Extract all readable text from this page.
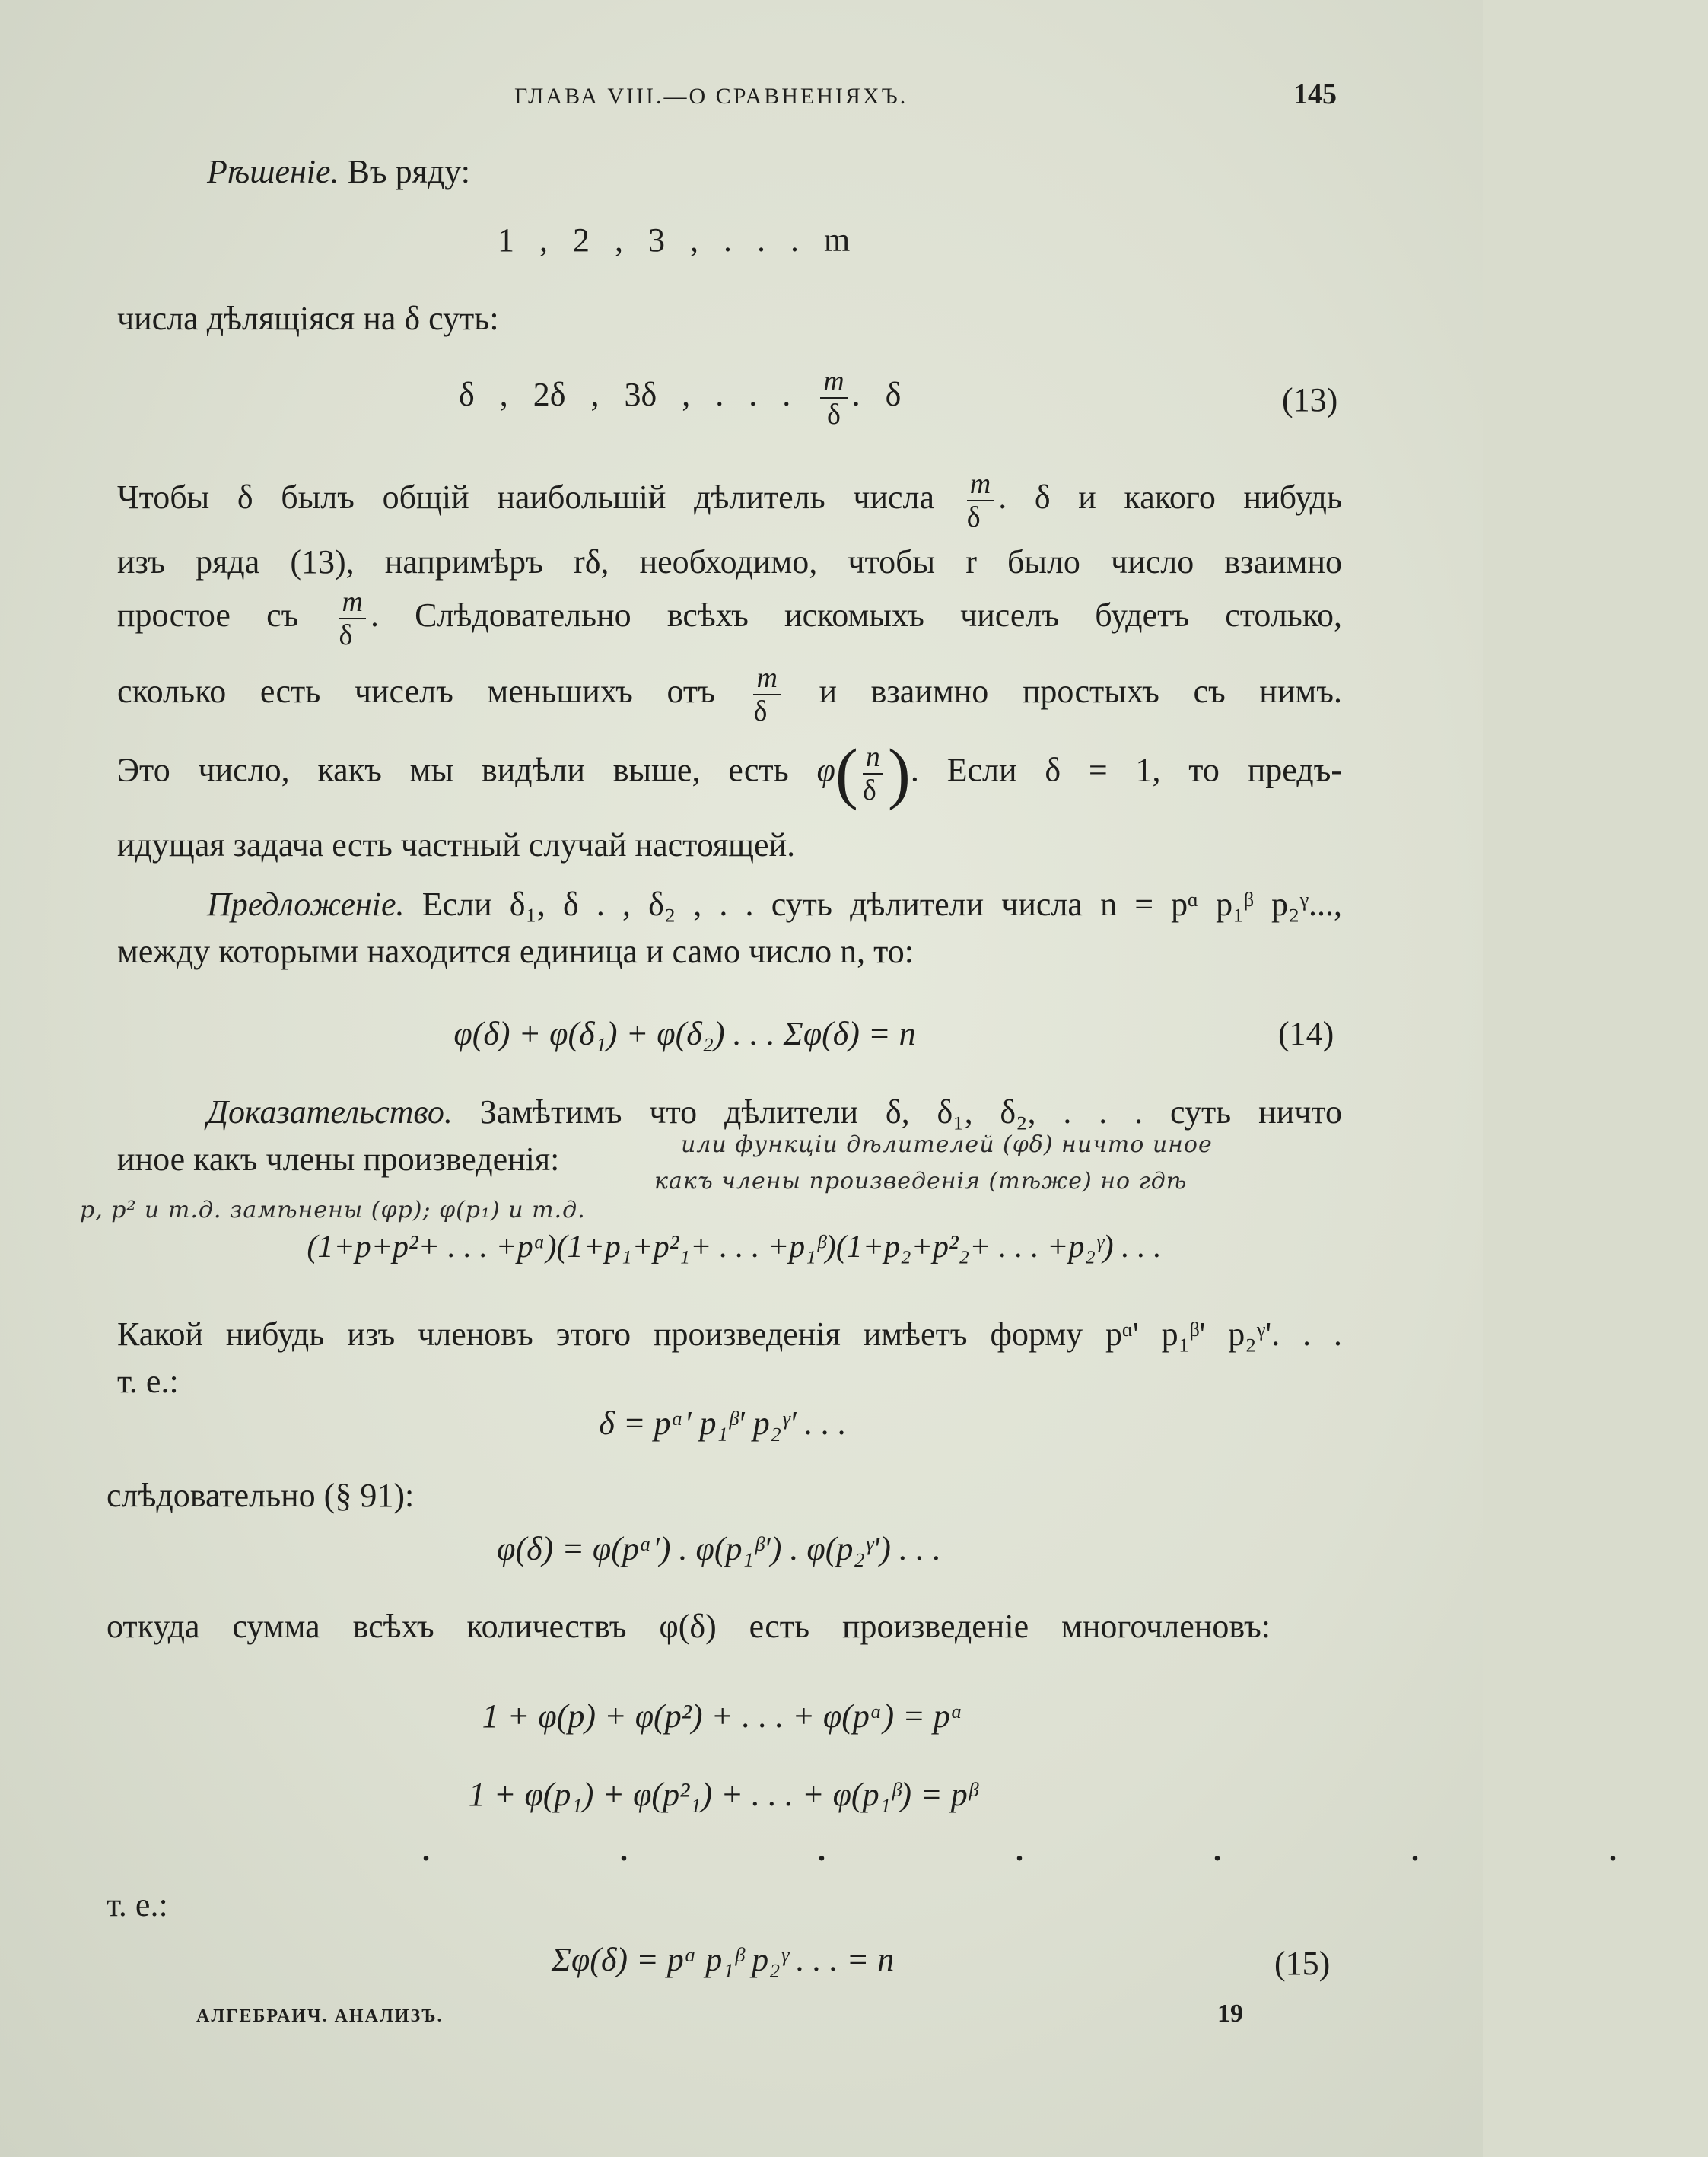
ГЛАВА VIII.—О СРАВНЕНІЯХЪ.	145
Рѣшеніе. Въ ряду:
1 , 2 , 3 , . . . m
числа дѣлящіяся на δ суть:
δ , 2δ , 3δ , . . . $\frac{m}{\delta}$ . δ	(13)
Чтобы δ былъ общій наибольшій дѣлитель числа $\frac{m}{\delta}$ . δ и какого нибудь
изъ ряда (13), напримѣръ rδ, необходимо, чтобы r было число взаимно
простое съ $\frac{m}{\delta}$ . Слѣдовательно всѣхъ искомыхъ чиселъ будетъ столько,
сколько есть чиселъ меньшихъ отъ $\frac{m}{\delta}$ и взаимно простыхъ съ нимъ.
Это число, какъ мы видѣли выше, есть $\varphi( \frac{n}{\delta}$ ). Если δ = 1, то предъ-
идущая задача есть частный случай настоящей.
Предложеніе. Если δ₁, δ . , δ₂ , . . суть дѣлители числа n = pᵅ p₁ᵝ p₂ᵞ...,
между которыми находится единица и само число n, то:
φ(δ) + φ(δ₁) + φ(δ₂) . . . Σφ(δ) = n	(14)
Доказательство. Замѣтимъ что дѣлители δ, δ₁, δ₂, . . . суть ничто
иное какъ члены произведенія:	или функціи дѣлителей (φδ) ничто иное
какъ члены произведенія (тѣже) но гдѣ
p, p² и т.д. замѣнены (φp); φ(p₁) и т.д.
(1+p+p²+ . . . +pᵅ)(1+p₁+p²₁+ . . . +p₁ᵝ)(1+p₂+p²₂+ . . . +p₂ᵞ) . . .
Какой нибудь изъ членовъ этого произведенія имѣетъ форму pᵅ' p₁ᵝ' p₂ᵞ'. . .
т. е.:
δ = pᵅ' p₁ᵝ' p₂ᵞ' . . .
слѣдовательно (§ 91):
φ(δ) = φ(pᵅ') . φ(p₁ᵝ') . φ(p₂ᵞ') . . .
откуда сумма всѣхъ количествъ φ(δ) есть произведеніе многочленовъ:
1 + φ(p) + φ(p²) + . . . + φ(pᵅ) = pᵅ
1 + φ(p₁) + φ(p²₁) + . . . + φ(p₁ᵝ) = pᵝ
. . . . . . .
т. е.:
Σφ(δ) = pᵅ p₁ᵝ p₂ᵞ . . . = n	(15)
АЛГЕБРАИЧ. АНАЛИЗЪ.	19
